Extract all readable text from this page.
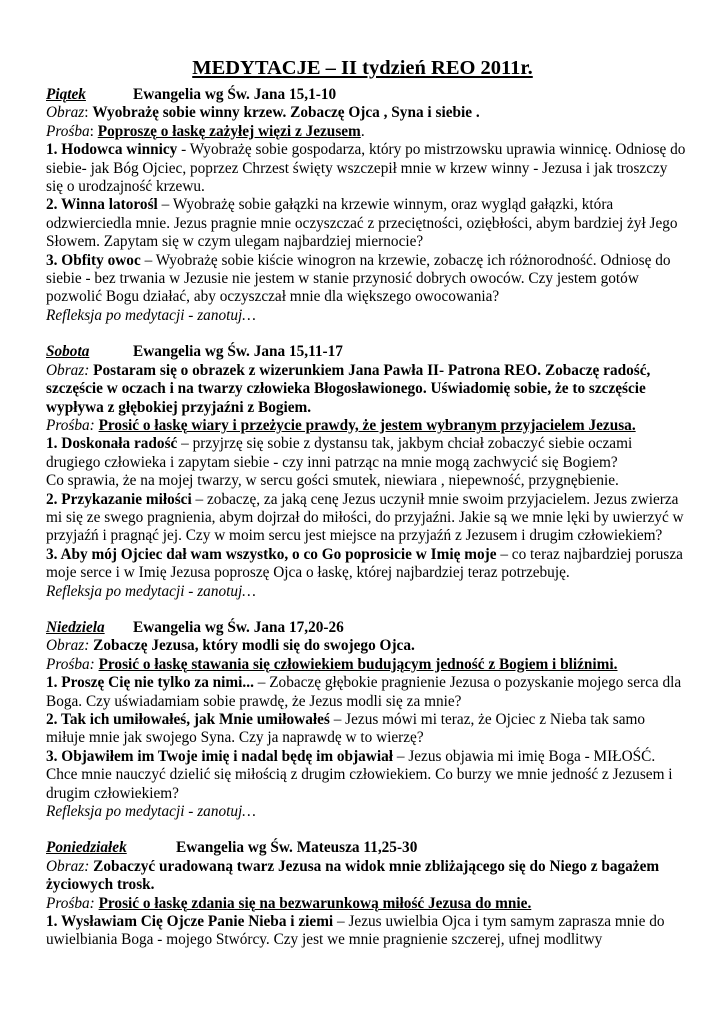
MEDYTACJE – II tydzień REO 2011r.
Piątek	Ewangelia wg Św. Jana 15,1-10

Obraz: Wyobrażę sobie winny krzew. Zobaczę Ojca , Syna i siebie .

Prośba: Poproszę o łaskę zażyłej więzi z Jezusem.

1. Hodowca winnicy - Wyobrażę sobie gospodarza, który po mistrzowsku uprawia winnicę. Odniosę do siebie- jak Bóg Ojciec, poprzez Chrzest święty wszczepił mnie w krzew winny - Jezusa i jak troszczy się o urodzajność krzewu.

2. Winna latorośl – Wyobrażę sobie gałązki na krzewie winnym, oraz wygląd gałązki, która odzwierciedla mnie. Jezus pragnie mnie oczyszczać z przeciętności, oziębłości, abym bardziej żył Jego Słowem. Zapytam się w czym ulegam najbardziej miernocie?

3. Obfity owoc – Wyobrażę sobie kiście winogron na krzewie, zobaczę ich różnorodność. Odniosę do siebie - bez trwania w Jezusie nie jestem w stanie przynosić dobrych owoców. Czy jestem gotów pozwolić Bogu działać, aby oczyszczał mnie dla większego owocowania?

Refleksja po medytacji - zanotuj…

Sobota	Ewangelia wg Św. Jana 15,11-17

Obraz: Postaram się o obrazek z wizerunkiem Jana Pawła II- Patrona REO. Zobaczę radość, szczęście w oczach i na twarzy człowieka Błogosławionego. Uświadomię sobie, że to szczęście wypływa z głębokiej przyjaźni z Bogiem.

Prośba: Prosić o łaskę wiary i przeżycie prawdy, że jestem wybranym przyjacielem Jezusa.

1. Doskonała radość – przyjrzę się sobie z dystansu tak, jakbym chciał zobaczyć siebie oczami drugiego człowieka i zapytam siebie - czy inni patrząc na mnie mogą zachwycić się Bogiem?

Co sprawia, że na mojej twarzy, w sercu gości smutek, niewiara , niepewność, przygnębienie.

2. Przykazanie miłości – zobaczę, za jaką cenę Jezus uczynił mnie swoim przyjacielem. Jezus zwierza mi się ze swego pragnienia, abym dojrzał do miłości, do przyjaźni. Jakie są we mnie lęki by uwierzyć w przyjaźń i pragnąć jej. Czy w moim sercu jest miejsce na przyjaźń z Jezusem i drugim człowiekiem?

3. Aby mój Ojciec dał wam wszystko, o co Go poprosicie w Imię moje – co teraz najbardziej porusza moje serce i w Imię Jezusa poproszę Ojca o łaskę, której najbardziej teraz potrzebuję.

Refleksja po medytacji - zanotuj…

Niedziela Ewangelia wg Św. Jana 17,20-26

Obraz: Zobaczę Jezusa, który modli się do swojego Ojca.

Prośba: Prosić o łaskę stawania się człowiekiem budującym jedność z Bogiem i bliźnimi.

1. Proszę Cię nie tylko za nimi... – Zobaczę głębokie pragnienie Jezusa o pozyskanie mojego serca dla Boga. Czy uświadamiam sobie prawdę, że Jezus modli się za mnie?

2. Tak ich umiłowałeś, jak Mnie umiłowałeś – Jezus mówi mi teraz, że Ojciec z Nieba tak samo miłuje mnie jak swojego Syna. Czy ja naprawdę w to wierzę?

3. Objawiłem im Twoje imię i nadal będę im objawiał – Jezus objawia mi imię Boga - MIŁOŚĆ. Chce mnie nauczyć dzielić się miłością z drugim człowiekiem. Co burzy we mnie jedność z Jezusem i drugim człowiekiem?

Refleksja po medytacji - zanotuj…

Poniedziałek	Ewangelia wg Św. Mateusza 11,25-30

Obraz: Zobaczyć uradowaną twarz Jezusa na widok mnie zbliżającego się do Niego z bagażem życiowych trosk.

Prośba: Prosić o łaskę zdania się na bezwarunkową miłość Jezusa do mnie.

1. Wysławiam Cię Ojcze Panie Nieba i ziemi – Jezus uwielbia Ojca i tym samym zaprasza mnie do uwielbiania Boga - mojego Stwórcy. Czy jest we mnie pragnienie szczerej, ufnej modlitwy
